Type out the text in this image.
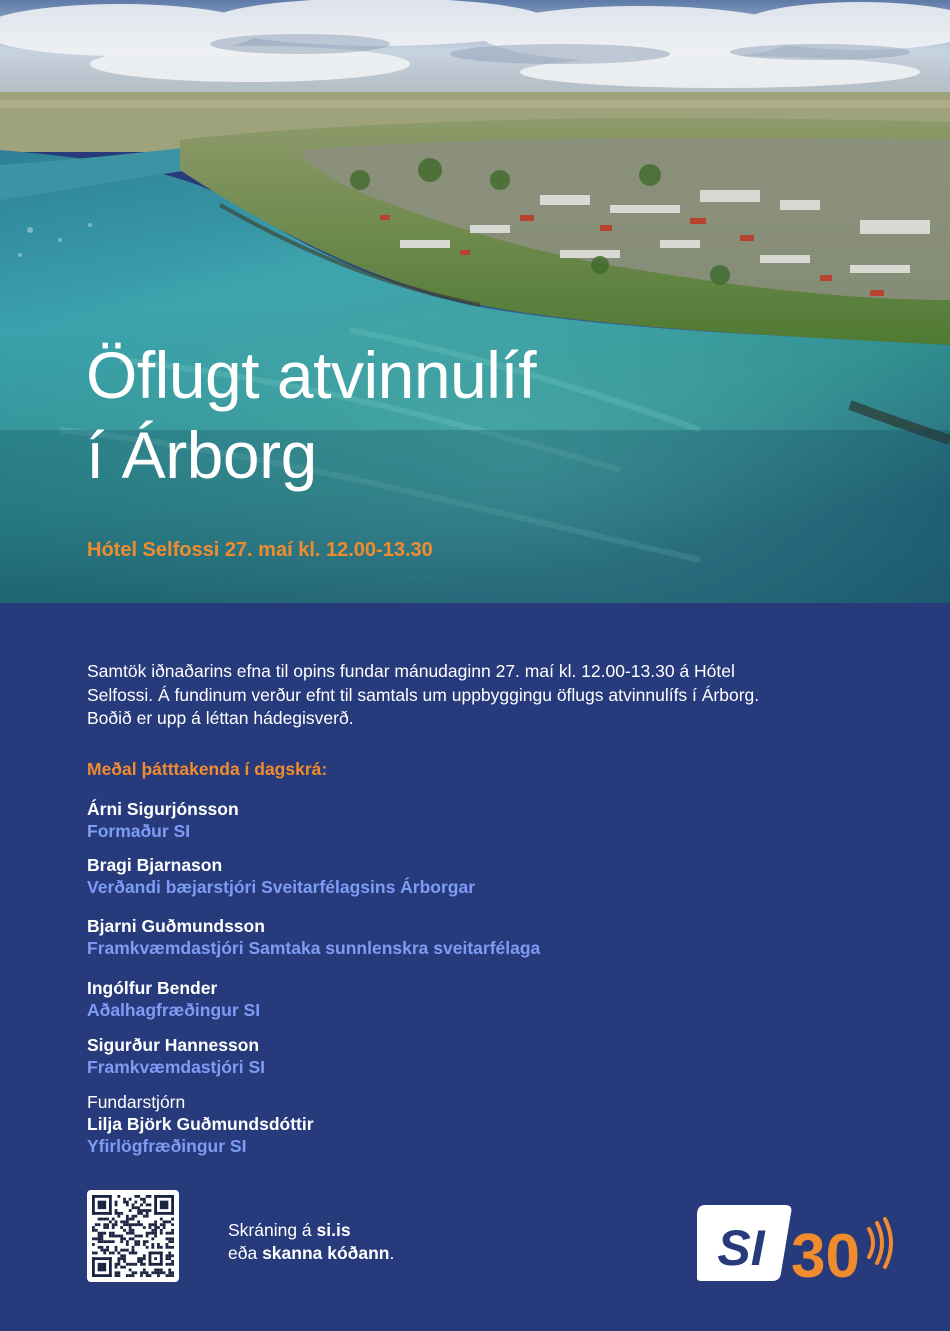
Öflugt atvinnulíf
í Árborg
Hótel Selfossi 27. maí kl. 12.00-13.30

Samtök iðnaðarins efna til opins fundar mánudaginn 27. maí kl. 12.00-13.30 á Hótel Selfossi. Á fundinum verður efnt til samtals um uppbyggingu öflugs atvinnulífs í Árborg. Boðið er upp á léttan hádegisverð.

Meðal þátttakenda í dagskrá:
Árni Sigurjónsson
Formaður SI
Bragi Bjarnason
Verðandi bæjarstjóri Sveitarfélagsins Árborgar
Bjarni Guðmundsson
Framkvæmdastjóri Samtaka sunnlenskra sveitarfélaga
Ingólfur Bender
Aðalhagfræðingur SI
Sigurður Hannesson
Framkvæmdastjóri SI
Fundarstjórn
Lilja Björk Guðmundsdóttir
Yfirlögfræðingur SI
Skráning á si.is
eða skanna kóðann.	SI 30
